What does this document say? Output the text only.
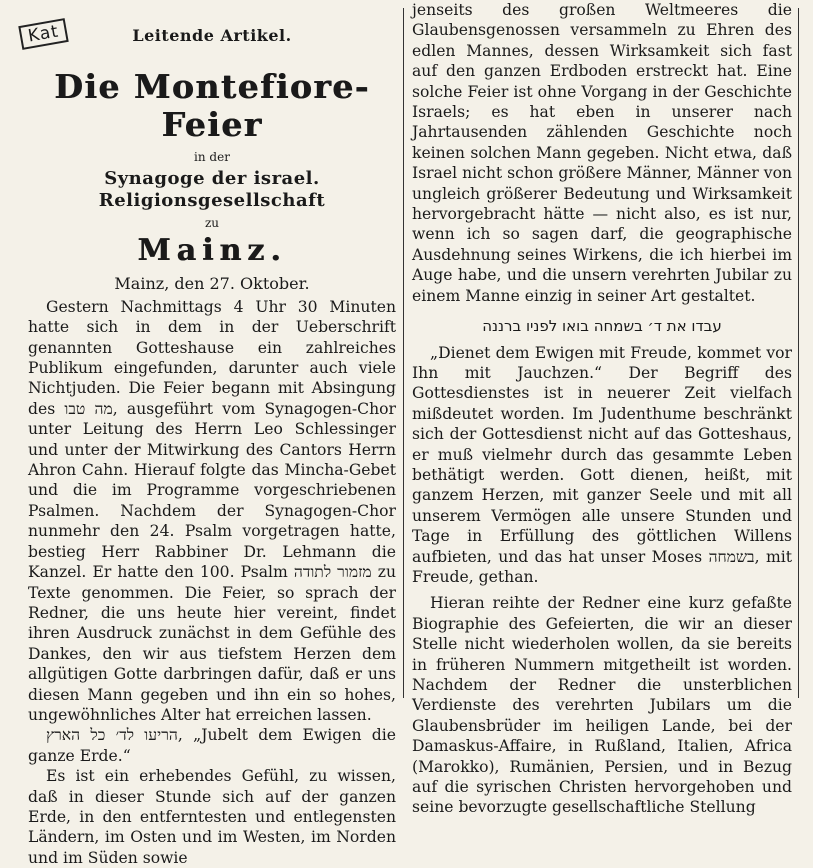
Kat	Leitende Artikel.
Die Montefiore-Feier
in der
Synagoge der israel. Religionsgesellschaft
zu
Mainz.
Mainz, den 27. Oktober.

Gestern Nachmittags 4 Uhr 30 Minuten hatte sich in dem in der Ueberschrift genannten Gotteshause ein zahlreiches Publikum eingefunden, darunter auch viele Nichtjuden. Die Feier begann mit Absingung des מה טבו, ausgeführt vom Synagogen-Chor unter Leitung des Herrn Leo Schlessinger und unter der Mitwirkung des Cantors Herrn Ahron Cahn. Hierauf folgte das Mincha-Gebet und die im Programme vorgeschriebenen Psalmen. Nachdem der Synagogen-Chor nunmehr den 24. Psalm vorgetragen hatte, bestieg Herr Rabbiner Dr. Lehmann die Kanzel. Er hatte den 100. Psalm מזמור לתודה zu Texte genommen. Die Feier, so sprach der Redner, die uns heute hier vereint, findet ihren Ausdruck zunächst in dem Gefühle des Dankes, den wir aus tiefstem Herzen dem allgütigen Gotte darbringen dafür, daß er uns diesen Mann gegeben und ihn ein so hohes, ungewöhnliches Alter hat erreichen lassen.

הריעו לד׳ כל הארץ, „Jubelt dem Ewigen die ganze Erde.“

Es ist ein erhebendes Gefühl, zu wissen, daß in dieser Stunde sich auf der ganzen Erde, in den entferntesten und entlegensten Ländern, im Osten und im Westen, im Norden und im Süden sowie

jenseits des großen Weltmeeres die Glaubensgenossen versammeln zu Ehren des edlen Mannes, dessen Wirksamkeit sich fast auf den ganzen Erdboden erstreckt hat. Eine solche Feier ist ohne Vorgang in der Geschichte Israels; es hat eben in unserer nach Jahrtausenden zählenden Geschichte noch keinen solchen Mann gegeben. Nicht etwa, daß Israel nicht schon größere Männer, Männer von ungleich größerer Bedeutung und Wirksamkeit hervorgebracht hätte — nicht also, es ist nur, wenn ich so sagen darf, die geographische Ausdehnung seines Wirkens, die ich hierbei im Auge habe, und die unsern verehrten Jubilar zu einem Manne einzig in seiner Art gestaltet.

עבדו את ד׳ בשמחה בואו לפניו ברננה

„Dienet dem Ewigen mit Freude, kommet vor Ihn mit Jauchzen.“ Der Begriff des Gottesdienstes ist in neuerer Zeit vielfach mißdeutet worden. Im Judenthume beschränkt sich der Gottesdienst nicht auf das Gotteshaus, er muß vielmehr durch das gesammte Leben bethätigt werden. Gott dienen, heißt, mit ganzem Herzen, mit ganzer Seele und mit all unserem Vermögen alle unsere Stunden und Tage in Erfüllung des göttlichen Willens aufbieten, und das hat unser Moses בשמחה, mit Freude, gethan.

Hieran reihte der Redner eine kurz gefaßte Biographie des Gefeierten, die wir an dieser Stelle nicht wiederholen wollen, da sie bereits in früheren Nummern mitgetheilt ist worden. Nachdem der Redner die unsterblichen Verdienste des verehrten Jubilars um die Glaubensbrüder im heiligen Lande, bei der Damaskus-Affaire, in Rußland, Italien, Africa (Marokko), Rumänien, Persien, und in Bezug auf die syrischen Christen hervorgehoben und seine bevorzugte gesellschaftliche Stellung
